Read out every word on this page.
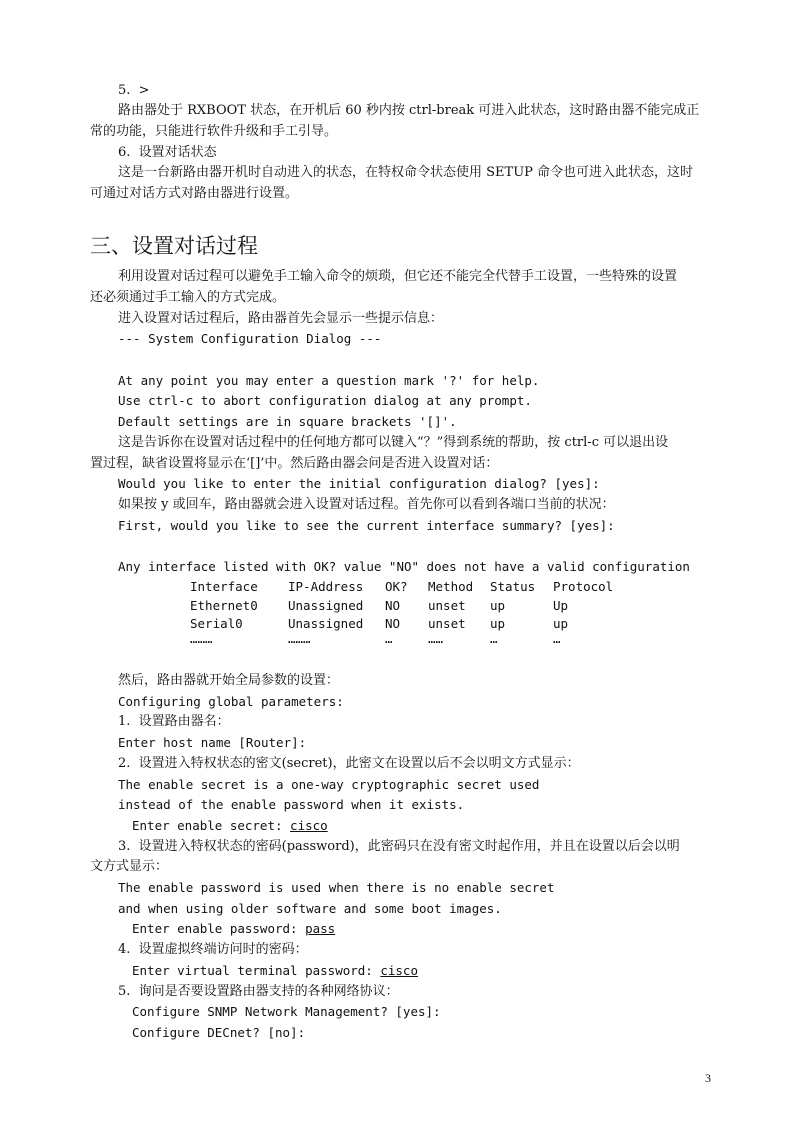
5.  >
路由器处于 RXBOOT 状态，在开机后 60 秒内按 ctrl-break 可进入此状态，这时路由器不能完成正
常的功能，只能进行软件升级和手工引导。
6.  设置对话状态
这是一台新路由器开机时自动进入的状态，在特权命令状态使用 SETUP 命令也可进入此状态，这时
可通过对话方式对路由器进行设置。
三、设置对话过程
利用设置对话过程可以避免手工输入命令的烦琐，但它还不能完全代替手工设置，一些特殊的设置
还必须通过手工输入的方式完成。
进入设置对话过程后，路由器首先会显示一些提示信息：
--- System Configuration Dialog ---
At any point you may enter a question mark '?' for help.
Use ctrl-c to abort configuration dialog at any prompt.
Default settings are in square brackets '[]'.
这是告诉你在设置对话过程中的任何地方都可以键入“？”得到系统的帮助，按 ctrl-c 可以退出设
置过程，缺省设置将显示在‘[]’中。然后路由器会问是否进入设置对话：
Would you like to enter the initial configuration dialog? [yes]:
如果按 y 或回车，路由器就会进入设置对话过程。首先你可以看到各端口当前的状况：
First, would you like to see the current interface summary? [yes]:
Any interface listed with OK? value "NO" does not have a valid configuration
Interface IP-Address OK? Method Status Protocol
Ethernet0 Unassigned NO unset up	Up
Serial0	Unassigned NO unset up	up
………	………	…	……	…	…
然后，路由器就开始全局参数的设置：
Configuring global parameters:
1.  设置路由器名：
Enter host name [Router]:
2.  设置进入特权状态的密文(secret)，此密文在设置以后不会以明文方式显示：
The enable secret is a one-way cryptographic secret used
instead of the enable password when it exists.
Enter enable secret: cisco
3.  设置进入特权状态的密码(password)，此密码只在没有密文时起作用，并且在设置以后会以明
文方式显示：
The enable password is used when there is no enable secret
and when using older software and some boot images.
Enter enable password: pass
4.  设置虚拟终端访问时的密码：
Enter virtual terminal password: cisco
5.  询问是否要设置路由器支持的各种网络协议：
Configure SNMP Network Management? [yes]:
Configure DECnet? [no]:
3
